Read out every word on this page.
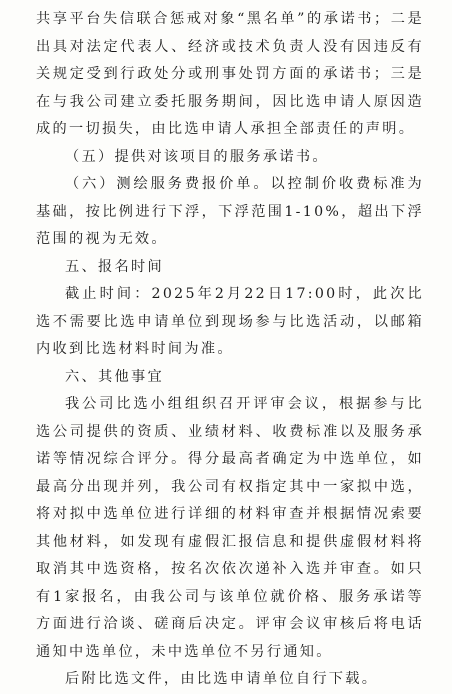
共享平台失信联合惩戒对象“黑名单”的承诺书；二是出具对法定代表人、经济或技术负责人没有因违反有关规定受到行政处分或刑事处罚方面的承诺书；三是在与我公司建立委托服务期间，因比选申请人原因造成的一切损失，由比选申请人承担全部责任的声明。

（五）提供对该项目的服务承诺书。

（六）测绘服务费报价单。以控制价收费标准为基础，按比例进行下浮，下浮范围1-10%，超出下浮范围的视为无效。

五、报名时间

截止时间：2025年2月22日17:00时，此次比选不需要比选申请单位到现场参与比选活动，以邮箱内收到比选材料时间为准。

六、其他事宜

我公司比选小组组织召开评审会议，根据参与比选公司提供的资质、业绩材料、收费标准以及服务承诺等情况综合评分。得分最高者确定为中选单位，如最高分出现并列，我公司有权指定其中一家拟中选，将对拟中选单位进行详细的材料审查并根据情况索要其他材料，如发现有虚假汇报信息和提供虚假材料将取消其中选资格，按名次依次递补入选并审查。如只有1家报名，由我公司与该单位就价格、服务承诺等方面进行洽谈、磋商后决定。评审会议审核后将电话通知中选单位，未中选单位不另行通知。

后附比选文件，由比选申请单位自行下载。
